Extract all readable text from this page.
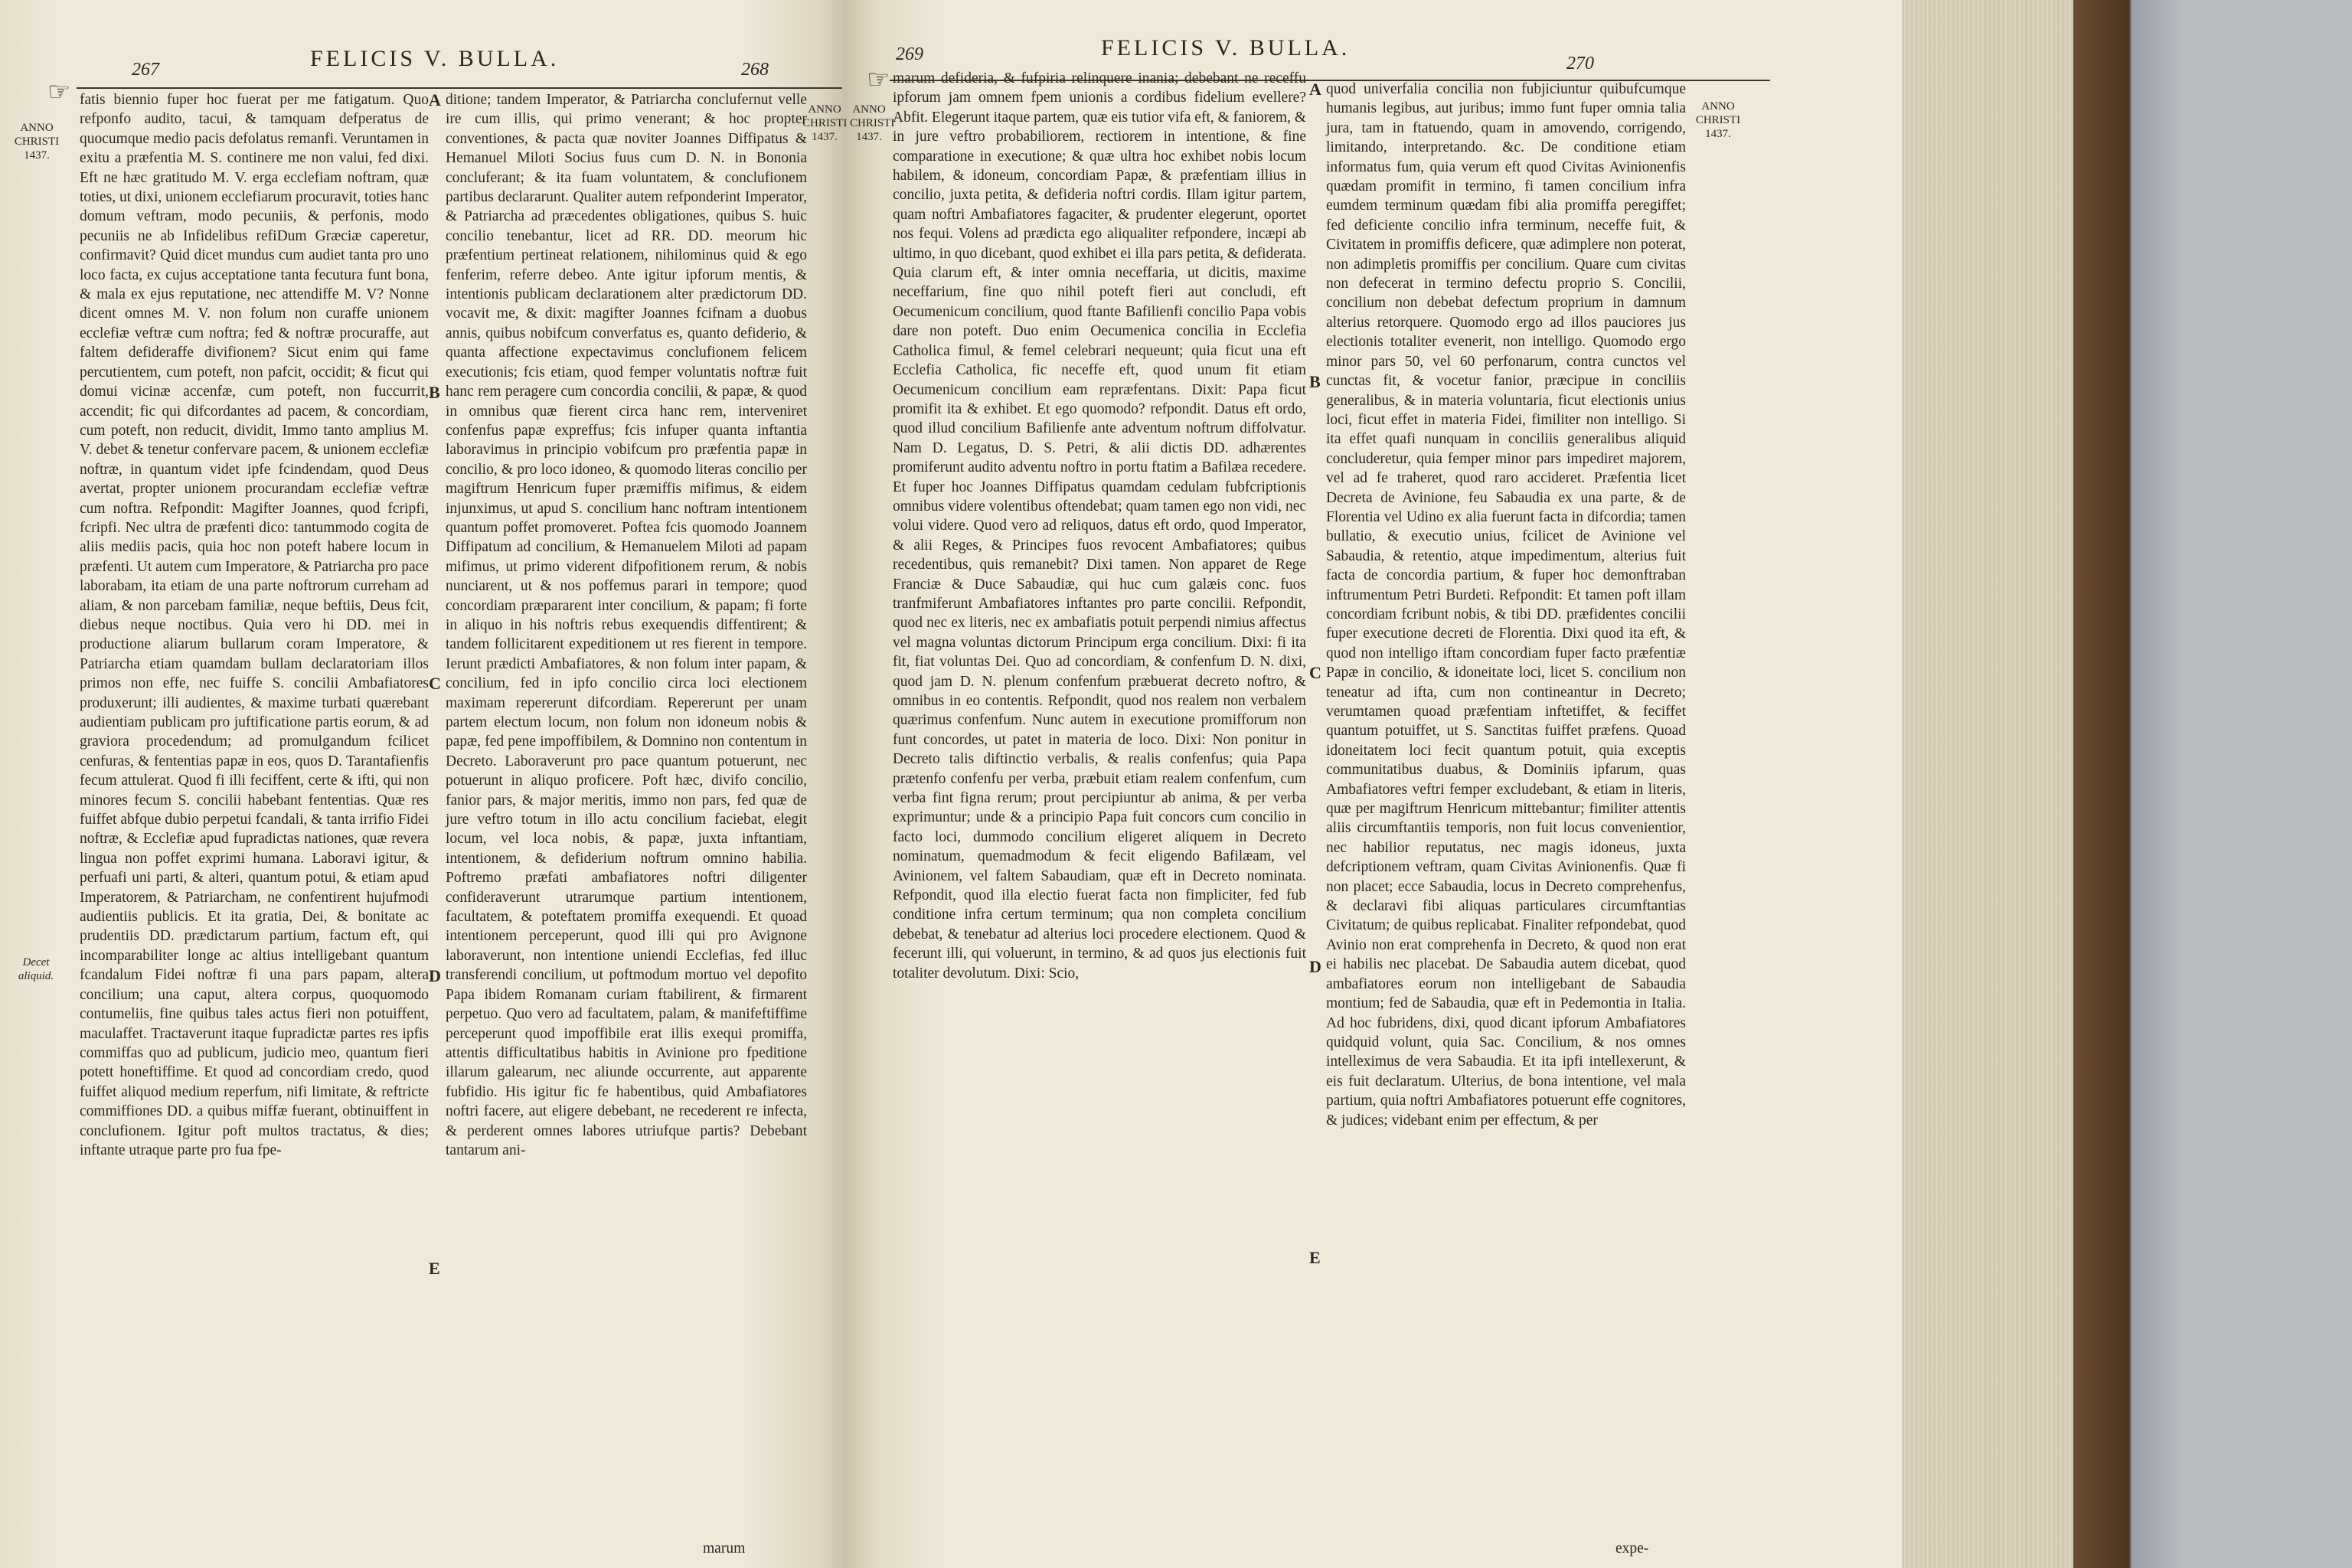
☞
267	FELICIS V. BULLA.	268
ANNO
CHRISTI
1437.
Decet
aliquid.
fatis biennio fuper hoc fuerat per me fatigatum. Quo refponfo audito, tacui, & tamquam defperatus de quocumque medio pacis defolatus remanfi. Veruntamen in exitu a præfentia M. S. continere me non valui, fed dixi. Eft ne hæc gratitudo M. V. erga ecclefiam noftram, quæ toties, ut dixi, unionem ecclefiarum procuravit, toties hanc domum veftram, modo pecuniis, & perfonis, modo pecuniis ne ab Infidelibus refiDum Græciæ caperetur, confirmavit? Quid dicet mundus cum audiet tanta pro uno loco facta, ex cujus acceptatione tanta fecutura funt bona, & mala ex ejus reputatione, nec attendiffe M. V? Nonne dicent omnes M. V. non folum non curaffe unionem ecclefiæ veftræ cum noftra; fed & noftræ procuraffe, aut faltem defideraffe divifionem? Sicut enim qui fame percutientem, cum poteft, non pafcit, occidit; & ficut qui domui vicinæ accenfæ, cum poteft, non fuccurrit, accendit; fic qui difcordantes ad pacem, & concordiam, cum poteft, non reducit, dividit, Immo tanto amplius M. V. debet & tenetur confervare pacem, & unionem ecclefiæ noftræ, in quantum videt ipfe fcindendam, quod Deus avertat, propter unionem procurandam ecclefiæ veftræ cum noftra. Refpondit: Magifter Joannes, quod fcripfi, fcripfi. Nec ultra de præfenti dico: tantummodo cogita de aliis mediis pacis, quia hoc non poteft habere locum in præfenti. Ut autem cum Imperatore, & Patriarcha pro pace laborabam, ita etiam de una parte noftrorum curreham ad aliam, & non parcebam familiæ, neque beftiis, Deus fcit, diebus neque noctibus. Quia vero hi DD. mei in productione aliarum bullarum coram Imperatore, & Patriarcha etiam quamdam bullam declaratoriam illos primos non effe, nec fuiffe S. concilii Ambafiatores produxerunt; illi audientes, & maxime turbati quærebant audientiam publicam pro juftificatione partis eorum, & ad graviora procedendum; ad promulgandum fcilicet cenfuras, & fententias papæ in eos, quos D. Tarantafienfis fecum attulerat. Quod fi illi feciffent, certe & ifti, qui non minores fecum S. concilii habebant fententias. Quæ res fuiffet abfque dubio perpetui fcandali, & tanta irrifio Fidei noftræ, & Ecclefiæ apud fupradictas nationes, quæ revera lingua non poffet exprimi humana. Laboravi igitur, & perfuafi uni parti, & alteri, quantum potui, & etiam apud Imperatorem, & Patriarcham, ne confentirent hujufmodi audientiis publicis. Et ita gratia, Dei, & bonitate ac prudentiis DD. prædictarum partium, factum eft, qui incomparabiliter longe ac altius intelligebant quantum fcandalum Fidei noftræ fi una pars papam, altera concilium; una caput, altera corpus, quoquomodo contumeliis, fine quibus tales actus fieri non potuiffent, maculaffet. Tractaverunt itaque fupradictæ partes res ipfis commiffas quo ad publicum, judicio meo, quantum fieri potett honeftiffime. Et quod ad concordiam credo, quod fuiffet aliquod medium reperfum, nifi limitate, & reftricte commiffiones DD. a quibus miffæ fuerant, obtinuiffent in conclufionem. Igitur poft multos tractatus, & dies; inftante utraque parte pro fua fpe-
ditione; tandem Imperator, & Patriarcha conclufernut velle ire cum illis, qui primo venerant; & hoc propter conventiones, & pacta quæ noviter Joannes Diffipatus & Hemanuel Miloti Socius fuus cum D. N. in Bononia concluferant; & ita fuam voluntatem, & conclufionem partibus declararunt. Qualiter autem refponderint Imperator, & Patriarcha ad præcedentes obligationes, quibus S. huic concilio tenebantur, licet ad RR. DD. meorum hic præfentium pertineat relationem, nihilominus quid & ego fenferim, referre debeo. Ante igitur ipforum mentis, & intentionis publicam declarationem alter prædictorum DD. vocavit me, & dixit: magifter Joannes fcifnam a duobus annis, quibus nobifcum converfatus es, quanto defiderio, & quanta affectione expectavimus conclufionem felicem executionis; fcis etiam, quod femper voluntatis noftræ fuit hanc rem peragere cum concordia concilii, & papæ, & quod in omnibus quæ fierent circa hanc rem, interveniret confenfus papæ expreffus; fcis infuper quanta inftantia laboravimus in principio vobifcum pro præfentia papæ in concilio, & pro loco idoneo, & quomodo literas concilio per magiftrum Henricum fuper præmiffis mifimus, & eidem injunximus, ut apud S. concilium hanc noftram intentionem quantum poffet promoveret. Poftea fcis quomodo Joannem Diffipatum ad concilium, & Hemanuelem Miloti ad papam mifimus, ut primo viderent difpofitionem rerum, & nobis nunciarent, ut & nos poffemus parari in tempore; quod concordiam præpararent inter concilium, & papam; fi forte in aliquo in his noftris rebus exequendis diffentirent; & tandem follicitarent expeditionem ut res fierent in tempore. Ierunt prædicti Ambafiatores, & non folum inter papam, & concilium, fed in ipfo concilio circa loci electionem maximam repererunt difcordiam. Repererunt per unam partem electum locum, non folum non idoneum nobis & papæ, fed pene impoffibilem, & Domnino non contentum in Decreto. Laboraverunt pro pace quantum potuerunt, nec potuerunt in aliquo proficere. Poft hæc, divifo concilio, fanior pars, & major meritis, immo non pars, fed quæ de jure veftro totum in illo actu concilium faciebat, elegit locum, vel loca nobis, & papæ, juxta inftantiam, intentionem, & defiderium noftrum omnino habilia. Poftremo præfati ambafiatores noftri diligenter confideraverunt utrarumque partium intentionem, facultatem, & poteftatem promiffa exequendi. Et quoad intentionem perceperunt, quod illi qui pro Avignone laboraverunt, non intentione uniendi Ecclefias, fed illuc transferendi concilium, ut poftmodum mortuo vel depofito Papa ibidem Romanam curiam ftabilirent, & firmarent perpetuo. Quo vero ad facultatem, palam, & manifeftiffime perceperunt quod impoffibile erat illis exequi promiffa, attentis difficultatibus habitis in Avinione pro fpeditione illarum galearum, nec aliunde occurrente, aut apparente fubfidio. His igitur fic fe habentibus, quid Ambafiatores noftri facere, aut eligere debebant, ne recederent re infecta, & perderent omnes labores utriufque partis? Debebant tantarum ani-
A
B
C
D
E
ANNO
CHRISTI
1437.
marum
ANNO
CHRISTI
1437.
☞
269	FELICIS V. BULLA.
270
marum defideria, & fufpiria relinquere inania; debebant ne receffu ipforum jam omnem fpem unionis a cordibus fidelium evellere? Abfit. Elegerunt itaque partem, quæ eis tutior vifa eft, & faniorem, & in jure veftro probabiliorem, rectiorem in intentione, & fine comparatione in executione; & quæ ultra hoc exhibet nobis locum habilem, & idoneum, concordiam Papæ, & præfentiam illius in concilio, juxta petita, & defideria noftri cordis. Illam igitur partem, quam noftri Ambafiatores fagaciter, & prudenter elegerunt, oportet nos fequi. Volens ad prædicta ego aliqualiter refpondere, incæpi ab ultimo, in quo dicebant, quod exhibet ei illa pars petita, & defiderata. Quia clarum eft, & inter omnia neceffaria, ut dicitis, maxime neceffarium, fine quo nihil poteft fieri aut concludi, eft Oecumenicum concilium, quod ftante Bafilienfi concilio Papa vobis dare non poteft. Duo enim Oecumenica concilia in Ecclefia Catholica fimul, & femel celebrari nequeunt; quia ficut una eft Ecclefia Catholica, fic neceffe eft, quod unum fit etiam Oecumenicum concilium eam repræfentans. Dixit: Papa ficut promifit ita & exhibet. Et ego quomodo? refpondit. Datus eft ordo, quod illud concilium Bafilienfe ante adventum noftrum diffolvatur. Nam D. Legatus, D. S. Petri, & alii dictis DD. adhærentes promiferunt audito adventu noftro in portu ftatim a Bafilæa recedere. Et fuper hoc Joannes Diffipatus quamdam cedulam fubfcriptionis omnibus videre volentibus oftendebat; quam tamen ego non vidi, nec volui videre. Quod vero ad reliquos, datus eft ordo, quod Imperator, & alii Reges, & Principes fuos revocent Ambafiatores; quibus recedentibus, quis remanebit? Dixi tamen. Non apparet de Rege Franciæ & Duce Sabaudiæ, qui huc cum galæis conc. fuos tranfmiferunt Ambafiatores inftantes pro parte concilii. Refpondit, quod nec ex literis, nec ex ambafiatis potuit perpendi nimius affectus vel magna voluntas dictorum Principum erga concilium. Dixi: fi ita fit, fiat voluntas Dei. Quo ad concordiam, & confenfum D. N. dixi, quod jam D. N. plenum confenfum præbuerat decreto noftro, & omnibus in eo contentis. Refpondit, quod nos realem non verbalem quærimus confenfum. Nunc autem in executione promifforum non funt concordes, ut patet in materia de loco. Dixi: Non ponitur in Decreto talis diftinctio verbalis, & realis confenfus; quia Papa prætenfo confenfu per verba, præbuit etiam realem confenfum, cum verba fint figna rerum; prout percipiuntur ab anima, & per verba exprimuntur; unde & a principio Papa fuit concors cum concilio in facto loci, dummodo concilium eligeret aliquem in Decreto nominatum, quemadmodum & fecit eligendo Bafilæam, vel Avinionem, vel faltem Sabaudiam, quæ eft in Decreto nominata. Refpondit, quod illa electio fuerat facta non fimpliciter, fed fub conditione infra certum terminum; qua non completa concilium debebat, & tenebatur ad alterius loci procedere electionem. Quod & fecerunt illi, qui voluerunt, in termino, & ad quos jus electionis fuit totaliter devolutum. Dixi: Scio,
quod univerfalia concilia non fubjiciuntur quibufcumque humanis legibus, aut juribus; immo funt fuper omnia talia jura, tam in ftatuendo, quam in amovendo, corrigendo, limitando, interpretando. &c. De conditione etiam informatus fum, quia verum eft quod Civitas Avinionenfis quædam promifit in termino, fi tamen concilium infra eumdem terminum quædam fibi alia promiffa peregiffet; fed deficiente concilio infra terminum, neceffe fuit, & Civitatem in promiffis deficere, quæ adimplere non poterat, non adimpletis promiffis per concilium. Quare cum civitas non defecerat in termino defectu proprio S. Concilii, concilium non debebat defectum proprium in damnum alterius retorquere. Quomodo ergo ad illos pauciores jus electionis totaliter evenerit, non intelligo. Quomodo ergo minor pars 50, vel 60 perfonarum, contra cunctos vel cunctas fit, & vocetur fanior, præcipue in conciliis generalibus, & in materia voluntaria, ficut electionis unius loci, ficut effet in materia Fidei, fimiliter non intelligo. Si ita effet quafi nunquam in conciliis generalibus aliquid concluderetur, quia femper minor pars impediret majorem, vel ad fe traheret, quod raro accideret. Præfentia licet Decreta de Avinione, feu Sabaudia ex una parte, & de Florentia vel Udino ex alia fuerunt facta in difcordia; tamen bullatio, & executio unius, fcilicet de Avinione vel Sabaudia, & retentio, atque impedimentum, alterius fuit facta de concordia partium, & fuper hoc demonftraban inftrumentum Petri Burdeti. Refpondit: Et tamen poft illam concordiam fcribunt nobis, & tibi DD. præfidentes concilii fuper executione decreti de Florentia. Dixi quod ita eft, & quod non intelligo iftam concordiam fuper facto præfentiæ Papæ in concilio, & idoneitate loci, licet S. concilium non teneatur ad ifta, cum non contineantur in Decreto; verumtamen quoad præfentiam inftetiffet, & feciffet quantum potuiffet, ut S. Sanctitas fuiffet præfens. Quoad idoneitatem loci fecit quantum potuit, quia exceptis communitatibus duabus, & Dominiis ipfarum, quas Ambafiatores veftri femper excludebant, & etiam in literis, quæ per magiftrum Henricum mittebantur; fimiliter attentis aliis circumftantiis temporis, non fuit locus convenientior, nec habilior reputatus, nec magis idoneus, juxta defcriptionem veftram, quam Civitas Avinionenfis. Quæ fi non placet; ecce Sabaudia, locus in Decreto comprehenfus, & declaravi fibi aliquas particulares circumftantias Civitatum; de quibus replicabat. Finaliter refpondebat, quod Avinio non erat comprehenfa in Decreto, & quod non erat ei habilis nec placebat. De Sabaudia autem dicebat, quod ambafiatores eorum non intelligebant de Sabaudia montium; fed de Sabaudia, quæ eft in Pedemontia in Italia. Ad hoc fubridens, dixi, quod dicant ipforum Ambafiatores quidquid volunt, quia Sac. Concilium, & nos omnes intelleximus de vera Sabaudia. Et ita ipfi intellexerunt, & eis fuit declaratum. Ulterius, de bona intentione, vel mala partium, quia noftri Ambafiatores potuerunt effe cognitores, & judices; videbant enim per effectum, & per
A
B
C
D
E
ANNO
CHRISTI
1437.
expe-
